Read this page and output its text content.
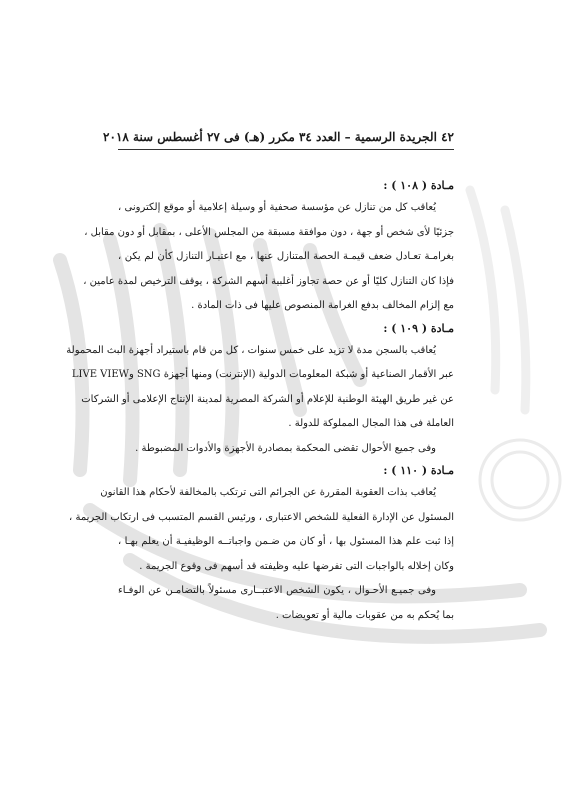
٤٢ الجريدة الرسمية – العدد ٣٤ مكرر (هـ) فى ٢٧ أغسطس سنة ٢٠١٨
مـادة ( ١٠٨ ) :
يُعاقب كل من تنازل عن مؤسسة صحفية أو وسيلة إعلامية أو موقع إلكترونى ،
جزئيًا لأى شخص أو جهة ، دون موافقة مسبقة من المجلس الأعلى ، بمقابل أو دون مقابل ،
بغرامـة تعـادل ضعف قيمـة الحصة المتنازل عنها ، مع اعتبـار التنازل كأن لم يكن ،
فإذا كان التنازل كليًا أو عن حصة تجاوز أغلبية أسهم الشركة ، يوقف الترخيص لمدة عامين ،
مع إلزام المخالف بدفع الغرامة المنصوص عليها فى ذات المادة .
مـادة ( ١٠٩ ) :
يُعاقب بالسجن مدة لا تزيد على خمس سنوات ، كل من قام باستيراد أجهزة البث المحمولة
عبر الأقمار الصناعية أو شبكة المعلومات الدولية (الإنترنت) ومنها أجهزة SNG وLIVE VIEW
عن غير طريق الهيئة الوطنية للإعلام أو الشركة المصرية لمدينة الإنتاج الإعلامى أو الشركات
العاملة فى هذا المجال المملوكة للدولة .
وفى جميع الأحوال تقضى المحكمة بمصادرة الأجهزة والأدوات المضبوطة .
مـادة ( ١١٠ ) :
يُعاقب بذات العقوبة المقررة عن الجرائم التى ترتكب بالمخالفة لأحكام هذا القانون
المسئول عن الإدارة الفعلية للشخص الاعتبارى ، ورئيس القسم المتسبب فى ارتكاب الجريمة ،
إذا ثبت علم هذا المسئول بها ، أو كان من ضـمن واجباتــه الوظيفيـة أن يعلم بهـا ،
وكان إخلاله بالواجبات التى تفرضها عليه وظيفته قد أسهم فى وقوع الجريمة .
وفى جميـع الأحـوال ، يكون الشخص الاعتبــارى مسئولاً بالتضامـن عن الوفـاء
بما يُحكم به من عقوبات مالية أو تعويضات .
